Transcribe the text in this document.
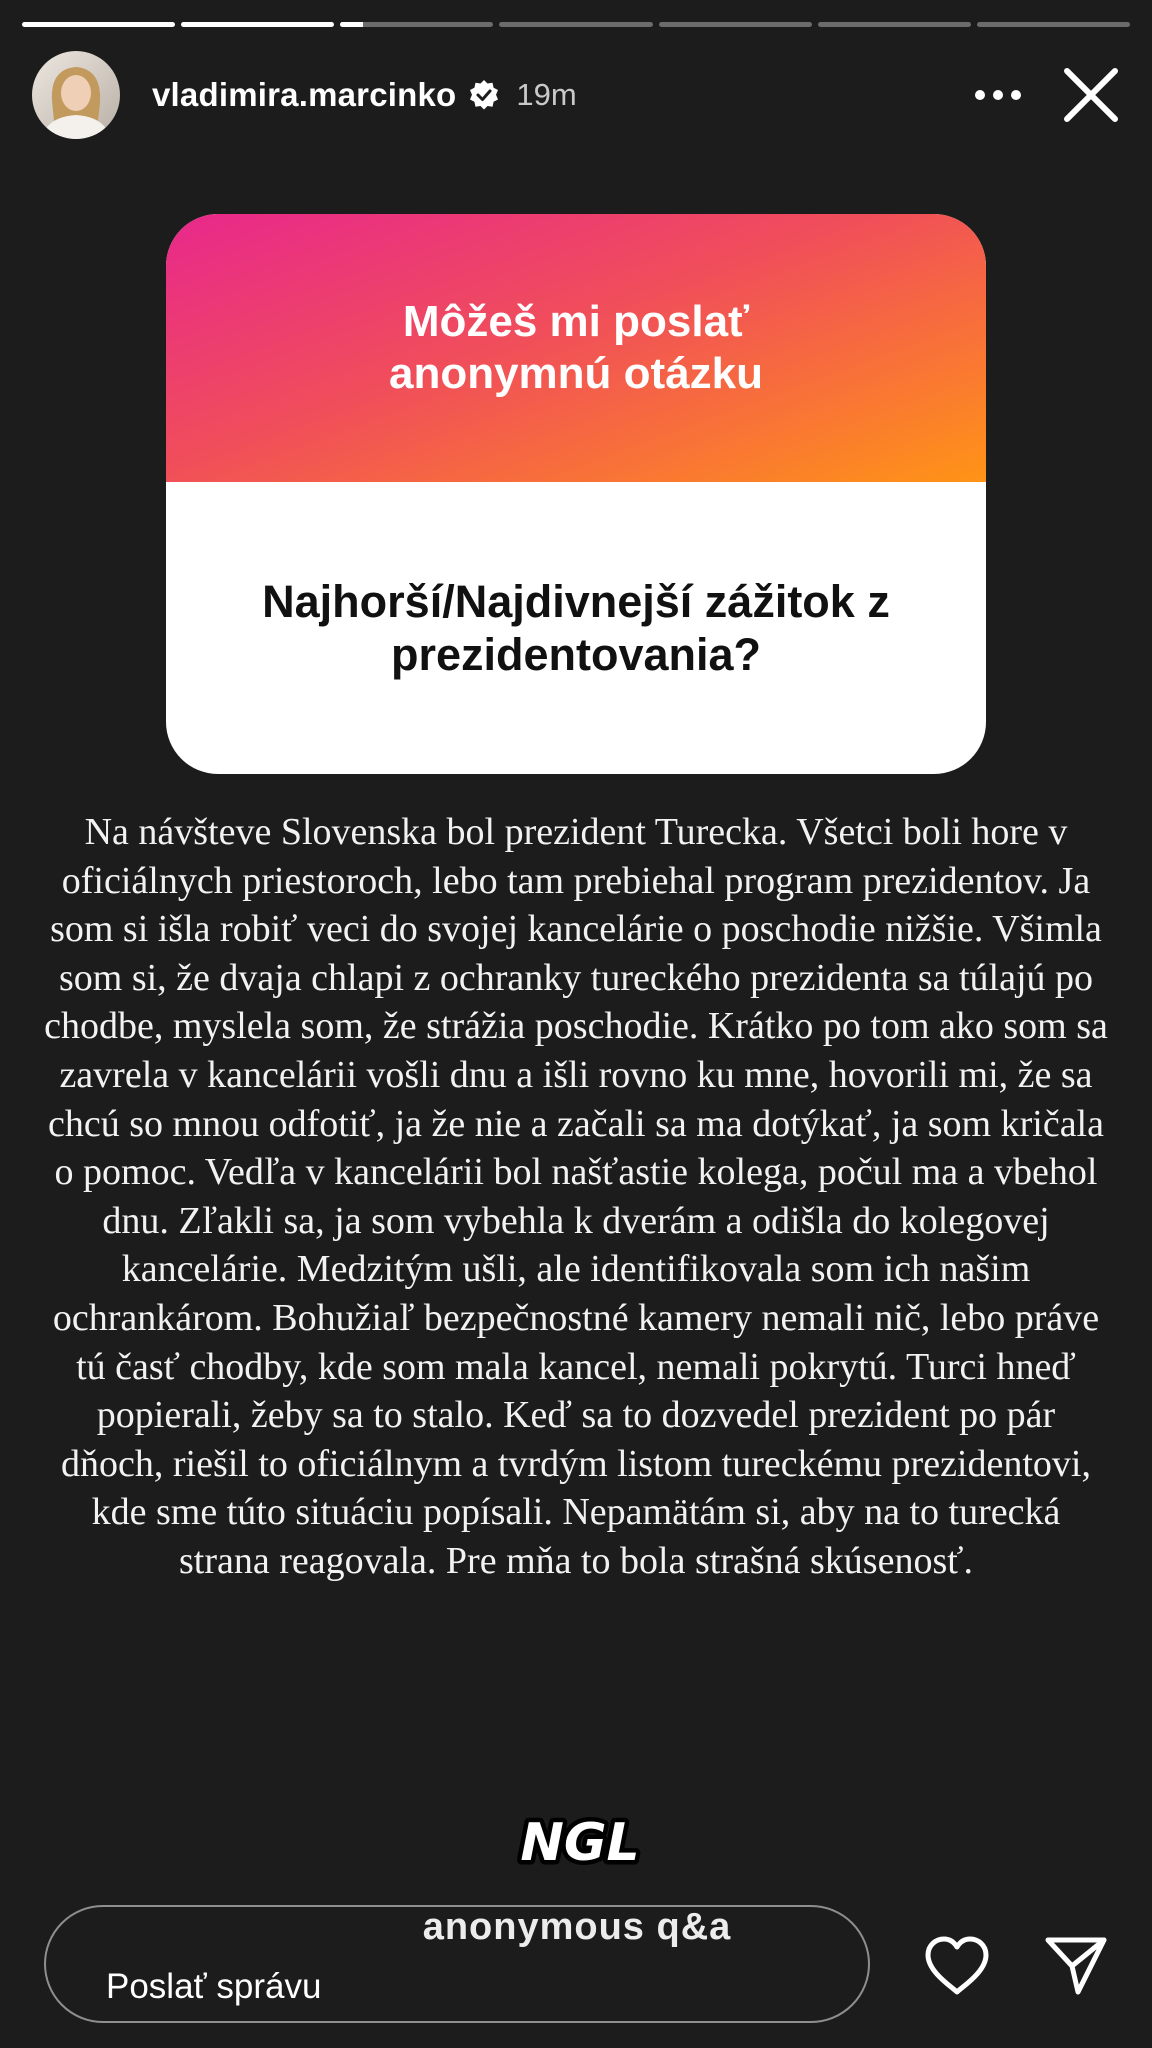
vladimira.marcinko 19m
Môžeš mi poslať anonymnú otázku
Najhorší/Najdivnejší zážitok z prezidentovania?
Na návšteve Slovenska bol prezident Turecka. Všetci boli hore v oficiálnych priestoroch, lebo tam prebiehal program prezidentov. Ja som si išla robiť veci do svojej kancelárie o poschodie nižšie. Všimla som si, že dvaja chlapi z ochranky tureckého prezidenta sa túlajú po chodbe, myslela som, že strážia poschodie. Krátko po tom ako som sa zavrela v kancelárii vošli dnu a išli rovno ku mne, hovorili mi, že sa chcú so mnou odfotiť, ja že nie a začali sa ma dotýkať, ja som kričala o pomoc. Vedľa v kancelárii bol našťastie kolega, počul ma a vbehol dnu. Zľakli sa, ja som vybehla k dverám a odišla do kolegovej kancelárie. Medzitým ušli, ale identifikovala som ich našim ochrankárom. Bohužiaľ bezpečnostné kamery nemali nič, lebo práve tú časť chodby, kde som mala kancel, nemali pokrytú. Turci hneď popierali, žeby sa to stalo. Keď sa to dozvedel prezident po pár dňoch, riešil to oficiálnym a tvrdým listom tureckému prezidentovi, kde sme túto situáciu popísali. Nepamätám si, aby na to turecká strana reagovala. Pre mňa to bola strašná skúsenosť.
NGL
Poslať správu
anonymous q&a
